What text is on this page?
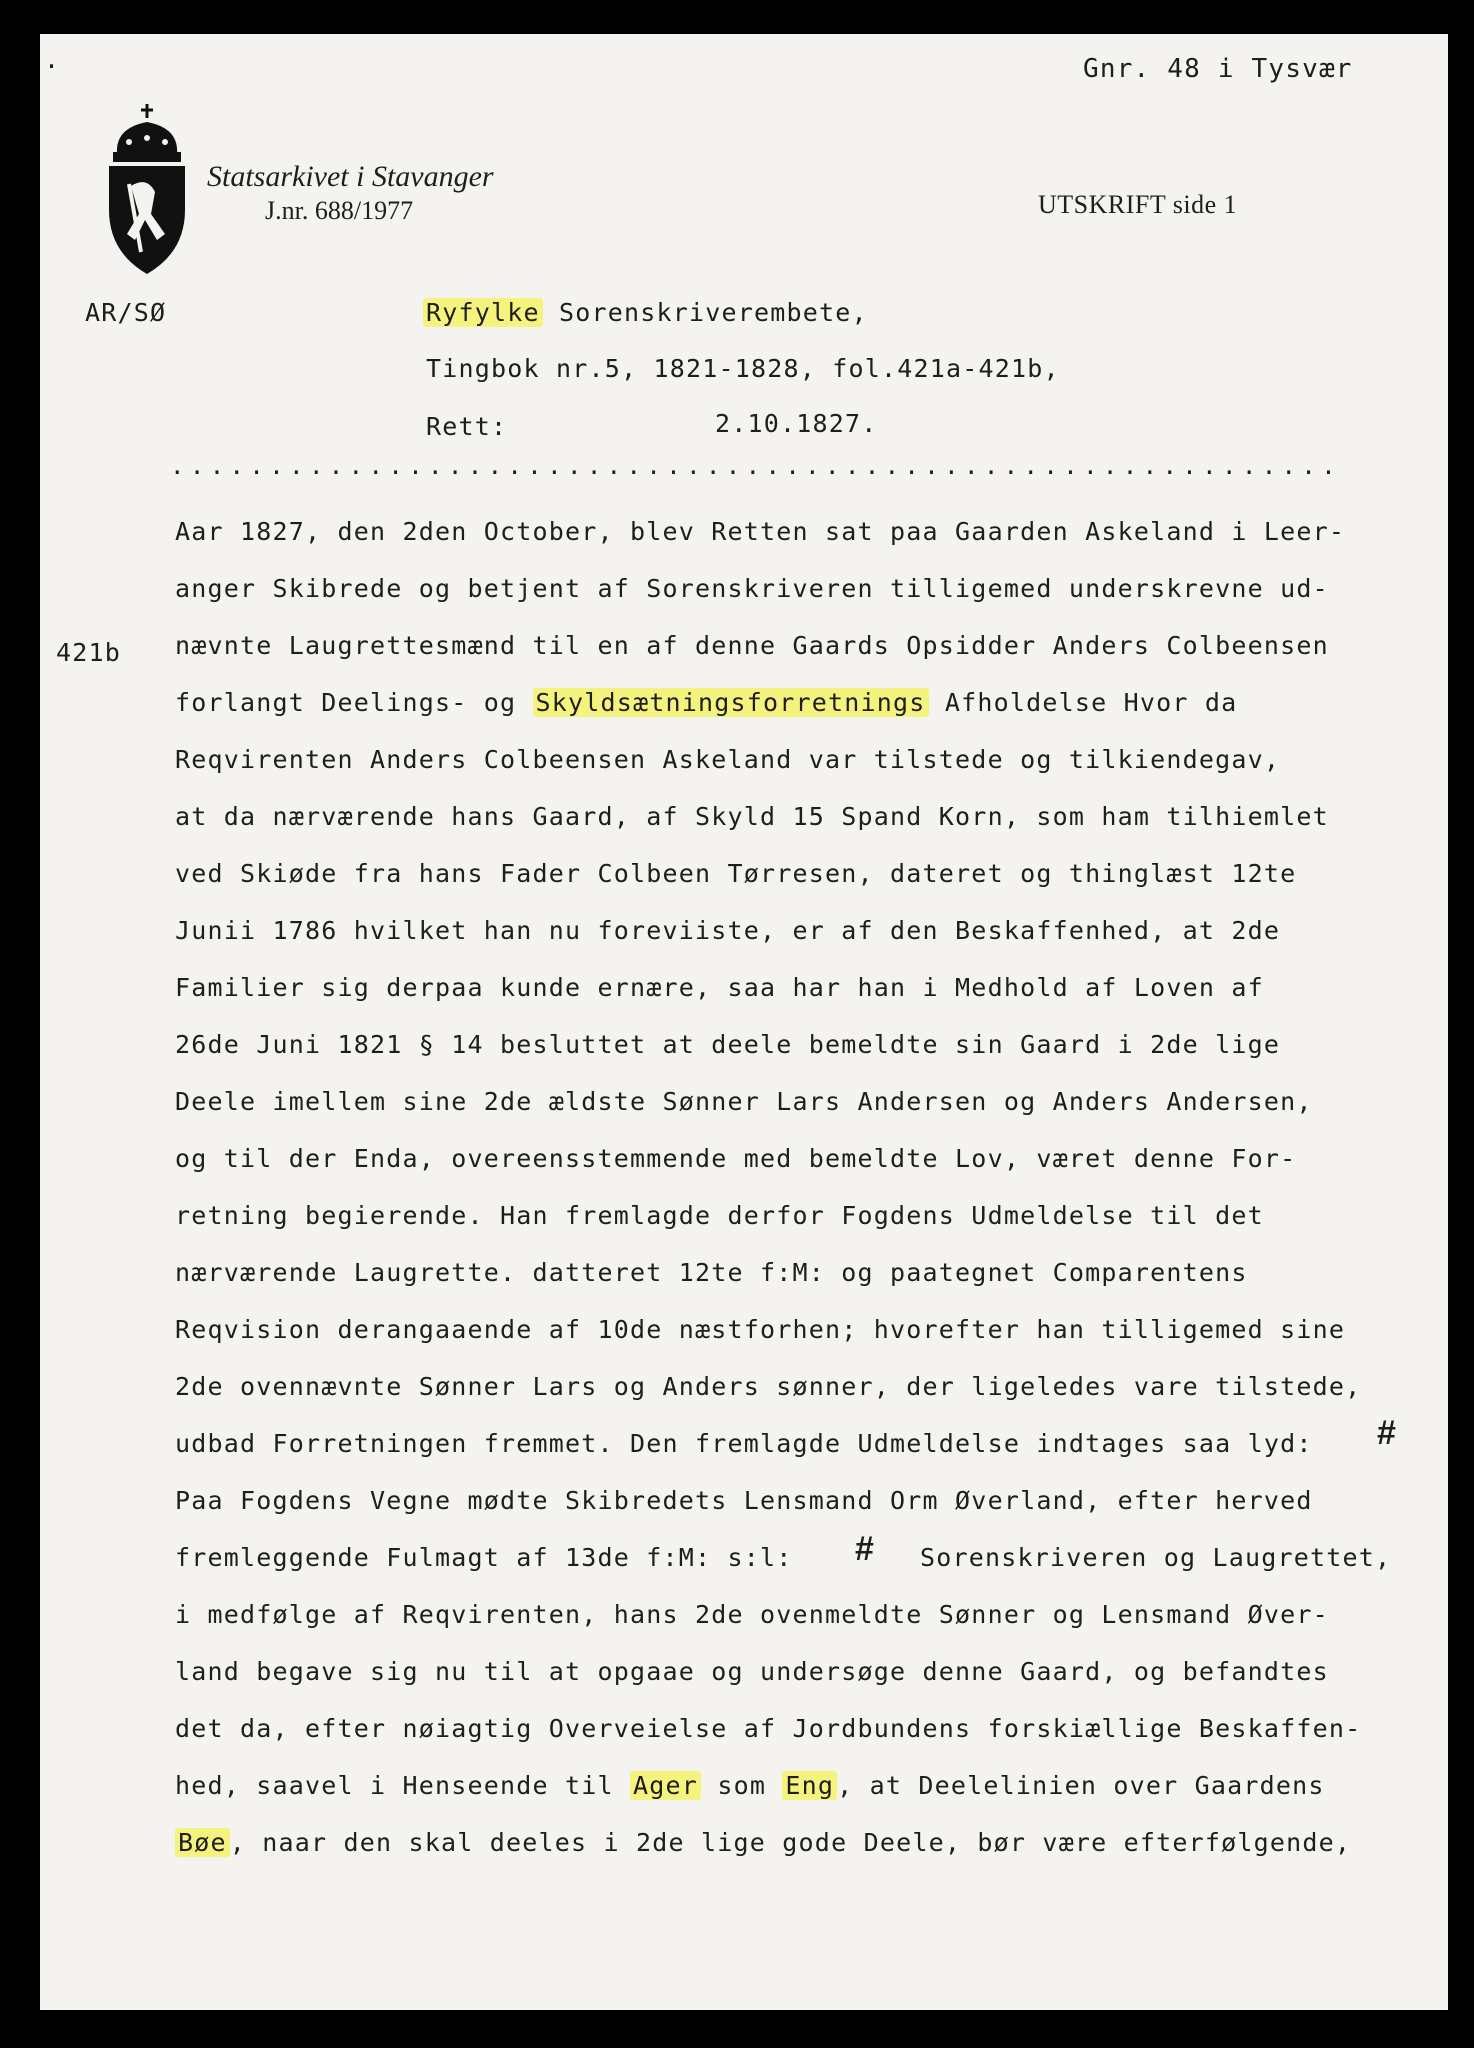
·	Gnr. 48 i Tysvær
Statsarkivet i Stavanger
J.nr. 688/1977	UTSKRIFT side 1
AR/SØ	Ryfylke Sorenskriverembete,
Tingbok nr.5, 1821-1828, fol.421a-421b,
Rett:	2.10.1827.
...........................................................
421b
Aar 1827, den 2den October, blev Retten sat paa Gaarden Askeland i Leer-
anger Skibrede og betjent af Sorenskriveren tilligemed underskrevne ud-
nævnte Laugrettesmænd til en af denne Gaards Opsidder Anders Colbeensen
forlangt Deelings- og Skyldsætningsforretnings Afholdelse Hvor da
Reqvirenten Anders Colbeensen Askeland var tilstede og tilkiendegav,
at da nærværende hans Gaard, af Skyld 15 Spand Korn, som ham tilhiemlet
ved Skiøde fra hans Fader Colbeen Tørresen, dateret og thinglæst 12te
Junii 1786 hvilket han nu foreviiste, er af den Beskaffenhed, at 2de
Familier sig derpaa kunde ernære, saa har han i Medhold af Loven af
26de Juni 1821 § 14 besluttet at deele bemeldte sin Gaard i 2de lige
Deele imellem sine 2de ældste Sønner Lars Andersen og Anders Andersen,
og til der Enda, overeensstemmende med bemeldte Lov, været denne For-
retning begierende. Han fremlagde derfor Fogdens Udmeldelse til det
nærværende Laugrette. datteret 12te f:M: og paategnet Comparentens
Reqvision derangaaende af 10de næstforhen; hvorefter han tilligemed sine
2de ovennævnte Sønner Lars og Anders sønner, der ligeledes vare tilstede,
udbad Forretningen fremmet. Den fremlagde Udmeldelse indtages saa lyd: #
Paa Fogdens Vegne mødte Skibredets Lensmand Orm Øverland, efter herved
fremleggende Fulmagt af 13de f:M: s:l: # Sorenskriveren og Laugrettet,
i medfølge af Reqvirenten, hans 2de ovenmeldte Sønner og Lensmand Øver-
land begave sig nu til at opgaae og undersøge denne Gaard, og befandtes
det da, efter nøiagtig Overveielse af Jordbundens forskiællige Beskaffen-
hed, saavel i Henseende til Ager som Eng , at Deelelinien over Gaardens
Bøe , naar den skal deeles i 2de lige gode Deele, bør være efterfølgende,
